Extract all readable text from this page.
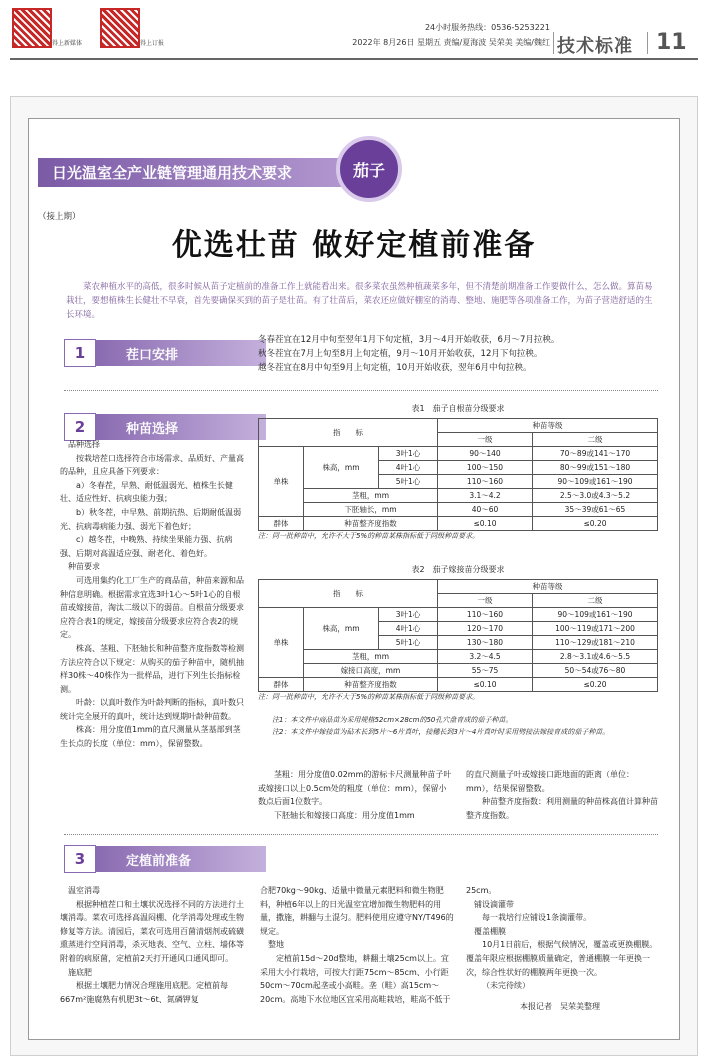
得上新媒体	得上订报
24小时服务热线：0536-5253221
2022年 8月26日 星期五 责编/夏海波 吴荣美 美编/魏红 技术标准 11
日光温室全产业链管理通用技术要求	茄子
（接上期）
优选壮苗 做好定植前准备
菜农种植水平的高低，很多时候从苗子定植前的准备工作上就能看出来。很多菜农虽然种植蔬菜多年，但不清楚前期准备工作要做什么，怎么做。算苗易栽壮，要想植株生长健壮不早衰，首先要确保买到的苗子是壮苗。有了壮苗后，菜农还应做好棚室的消毒、整地、施肥等各项准备工作，为苗子营造舒适的生长环境。
1	茬口安排
冬春茬宜在12月中旬至翌年1月下旬定植，3月～4月开始收获，6月～7月拉秧。
秋冬茬宜在7月上旬至8月上旬定植，9月～10月开始收获，12月下旬拉秧。
越冬茬宜在8月中旬至9月上旬定植，10月开始收获，翌年6月中旬拉秧。
2	种苗选择

品种选择

按栽培茬口选择符合市场需求、品质好、产量高的品种，且应具备下列要求：

a）冬春茬，早熟、耐低温弱光、植株生长健壮、适应性好、抗病虫能力强；

b）秋冬茬，中早熟、前期抗热、后期耐低温弱光、抗病毒病能力强、弱光下着色好；

c）越冬茬，中晚熟、持续坐果能力强、抗病强、后期对高温适应强、耐老化、着色好。

种苗要求

可选用集约化工厂生产的商品苗，种苗来源和品种信息明确。根据需求宜选3叶1心～5叶1心的自根苗或嫁接苗，淘汰二级以下的弱苗。自根苗分级要求应符合表1的规定，嫁接苗分级要求应符合表2的规定。

株高、茎粗、下胚轴长和种苗整齐度指数等检测方法应符合以下规定：从购买的茄子种苗中，随机抽样30株～40株作为一批样品，进行下列生长指标检测。

叶龄：以真叶数作为叶龄判断的指标，真叶数只统计完全展开的真叶，统计达到规期叶龄种苗数。

株高：用分度值1mm的直尺测量从茎基部到茎生长点的长度（单位：mm），保留整数。

表1　茄子自根苗分级要求
指　　标			种苗等级	
			一级	二级
单株	株高，mm	3叶1心	90～140	70～89或141～170
		4叶1心	100～150	80～99或151～180
		5叶1心	110～160	90～109或161～190
	茎粗，mm		3.1～4.2	2.5～3.0或4.3～5.2
	下胚轴长，mm		40～60	35～39或61～65
群体	种苗整齐度指数		≤0.10	≤0.20
注：同一批种苗中，允许不大于5%的种苗某株指标低于同级种苗要求。
表2　茄子嫁接苗分级要求
指　　标			种苗等级	
			一级	二级
单株	株高，mm	3叶1心	110～160	90～109或161～190
		4叶1心	120～170	100～119或171～200
		5叶1心	130～180	110～129或181～210
	茎粗，mm		3.2～4.5	2.8～3.1或4.6～5.5
	嫁接口高度，mm		55～75	50～54或76～80
群体	种苗整齐度指数		≤0.10	≤0.20
注：同一批种苗中，允许不大于5%的种苗某株指标低于同级种苗要求。
注1：本文件中商品苗为采用规格52cm×28cm的50孔穴盘育成的茄子种苗。
注2：本文件中嫁接苗为砧木长到5片～6片真叶，接穗长到3片～4片真叶时采用劈接法嫁接育成的茄子种苗。

茎粗：用分度值0.02mm的游标卡尺测量种苗子叶或嫁接口以上0.5cm处的粗度（单位：mm），保留小数点后面1位数字。

下胚轴长和嫁接口高度：用分度值1mm

的直尺测量子叶或嫁接口距地面的距离（单位：mm），结果保留整数。

种苗整齐度指数：利用测量的种苗株高值计算种苗整齐度指数。

3	定植前准备

温室消毒

根据种植茬口和土壤状况选择不同的方法进行土壤消毒。菜农可选择高温闷棚、化学消毒处理或生物修复等方法。清园后，菜农可选用百菌清烟剂或硫磺熏蒸进行空间消毒，杀灭地表、空气、立柱、墙体等附着的病原菌，定植前2天打开通风口通风即可。

施底肥

根据土壤肥力情况合理施用底肥。定植前每667m²施腐熟有机肥3t～6t、氮磷钾复

合肥70kg～90kg、适量中微量元素肥料和微生物肥料，种植6年以上的日光温室宜增加微生物肥料的用量，撒施，耕翻与土混匀。肥料使用应遵守NY/T496的规定。

整地

定植前15d～20d整地，耕翻土壤25cm以上。宜采用大小行栽培，可按大行距75cm～85cm、小行距50cm～70cm起垄或小高畦。垄（畦）高15cm～20cm。高地下水位地区宜采用高畦栽培，畦高不低于

25cm。

铺设滴灌带

每一栽培行应铺设1条滴灌带。

覆盖棚膜

10月1日前后，根据气候情况，覆盖或更换棚膜。覆盖年限应根据棚膜质量确定，普通棚膜一年更换一次，综合性状好的棚膜两年更换一次。

（未完待续）

本报记者　吴荣美整理
